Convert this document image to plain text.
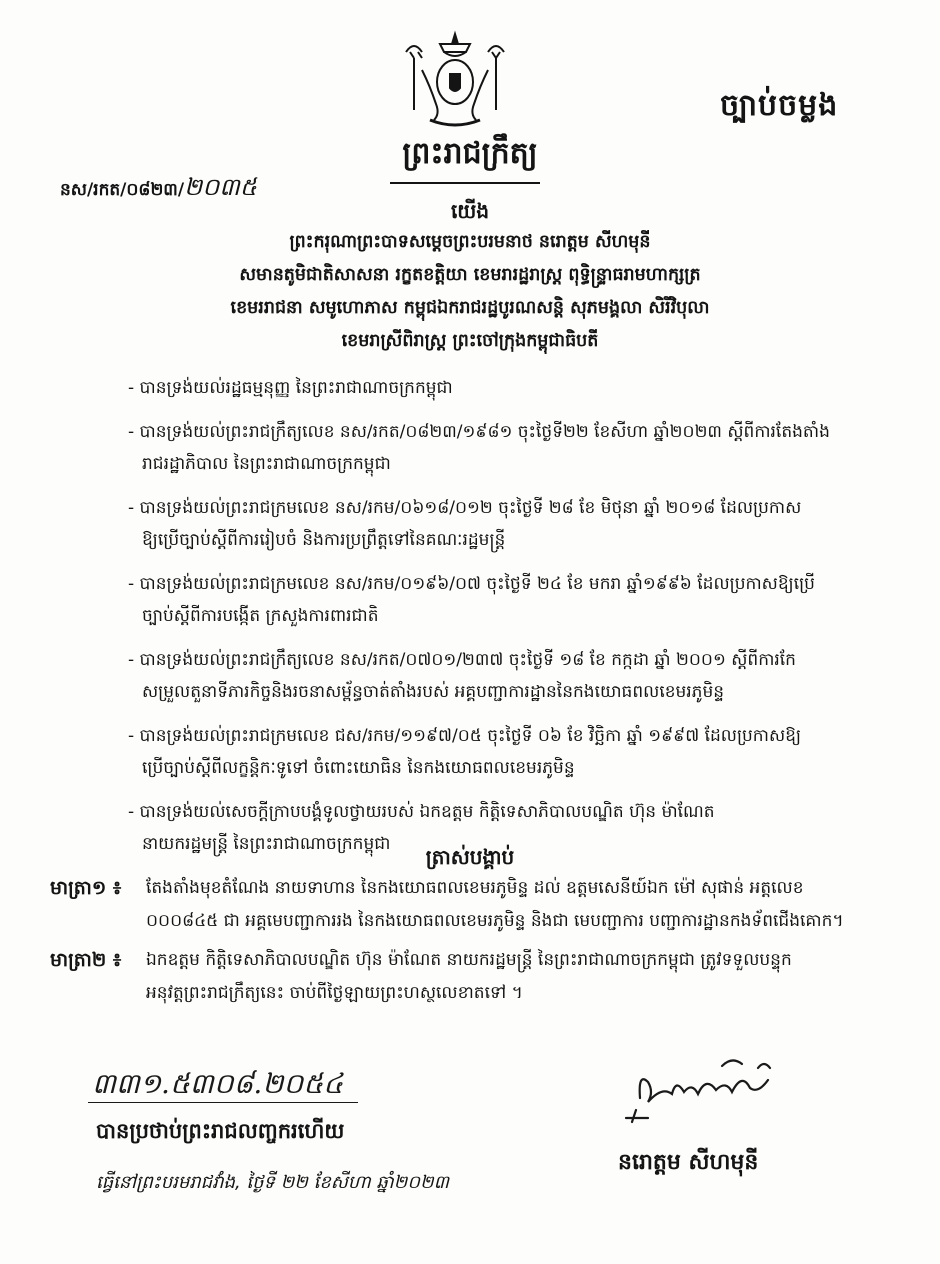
ច្បាប់ចម្លង
នស/រកត/០៨២៣/២០៣៥
ព្រះរាជក្រឹត្យ
យើង
ព្រះករុណាព្រះបាទសម្តេចព្រះបរមនាថ នរោត្តម សីហមុនី
សមានតូមិជាតិសាសនា រក្ខតខត្តិយា ខេមរារដ្ឋរាស្ត្រ ពុទ្ធិន្ទ្រាធរាមហាក្សត្រ
ខេមររាជនា សមូហោភាស កម្ពុជឯករាជរដ្ឋបូរណសន្តិ សុភមង្គលា សិរីវិបុលា
ខេមរាស្រីពិរាស្ត្រ ព្រះចៅក្រុងកម្ពុជាធិបតី
- បានទ្រង់យល់រដ្ឋធម្មនុញ្ញ នៃព្រះរាជាណាចក្រកម្ពុជា
- បានទ្រង់យល់ព្រះរាជក្រឹត្យលេខ នស/រកត/០៨២៣/១៩៨១ ចុះថ្ងៃទី២២ ខែសីហា ឆ្នាំ២០២៣ ស្តីពីការតែងតាំង
រាជរដ្ឋាភិបាល នៃព្រះរាជាណាចក្រកម្ពុជា
- បានទ្រង់យល់ព្រះរាជក្រមលេខ នស/រកម/០៦១៨/០១២ ចុះថ្ងៃទី ២៨ ខែ មិថុនា ឆ្នាំ ២០១៨ ដែលប្រកាស
ឱ្យប្រើច្បាប់ស្តីពីការរៀបចំ និងការប្រព្រឹត្តទៅនៃគណៈរដ្ឋមន្ត្រី
- បានទ្រង់យល់ព្រះរាជក្រមលេខ នស/រកម/០១៩៦/០៧ ចុះថ្ងៃទី ២៤ ខែ មករា ឆ្នាំ១៩៩៦ ដែលប្រកាសឱ្យប្រើ
ច្បាប់ស្តីពីការបង្កើត ក្រសួងការពារជាតិ
- បានទ្រង់យល់ព្រះរាជក្រឹត្យលេខ នស/រកត/០៧០១/២៣៧ ចុះថ្ងៃទី ១៨ ខែ កក្កដា ឆ្នាំ ២០០១ ស្តីពីការកែ
សម្រួលតួនាទីភារកិច្ចនិងរចនាសម្ព័ន្ធចាត់តាំងរបស់ អគ្គបញ្ជាការដ្ឋាននៃកងយោធពលខេមរភូមិន្ទ
- បានទ្រង់យល់ព្រះរាជក្រមលេខ ជស/រកម/១១៩៧/០៥ ចុះថ្ងៃទី ០៦ ខែ វិច្ឆិកា ឆ្នាំ ១៩៩៧ ដែលប្រកាសឱ្យ
ប្រើច្បាប់ស្តីពីលក្ខន្តិកៈទូទៅ ចំពោះយោធិន នៃកងយោធពលខេមរភូមិន្ទ
- បានទ្រង់យល់សេចក្តីក្រាបបង្គំទូលថ្វាយរបស់ ឯកឧត្តម កិត្តិទេសាភិបាលបណ្ឌិត ហ៊ុន ម៉ាណែត
នាយករដ្ឋមន្ត្រី នៃព្រះរាជាណាចក្រកម្ពុជា
ត្រាស់បង្គាប់
មាត្រា១ ៖	តែងតាំងមុខតំណែង នាយទាហាន នៃកងយោធពលខេមរភូមិន្ទ ដល់ ឧត្តមសេនីយ៍ឯក ម៉ៅ សុផាន់ អត្តលេខ
០០០៨៤៥ ជា អគ្គមេបញ្ជាការរង នៃកងយោធពលខេមរភូមិន្ទ និងជា មេបញ្ជាការ បញ្ជាការដ្ឋានកងទ័ពជើងគោក។
មាត្រា២ ៖	ឯកឧត្តម កិត្តិទេសាភិបាលបណ្ឌិត ហ៊ុន ម៉ាណែត នាយករដ្ឋមន្ត្រី នៃព្រះរាជាណាចក្រកម្ពុជា ត្រូវទទួលបន្ទុក
អនុវត្តព្រះរាជក្រឹត្យនេះ ចាប់ពីថ្ងៃឡាយព្រះហស្ថលេខាតទៅ ។
៣៣១.៥៣០៨.២០៥៤
បានប្រថាប់ព្រះរាជលញ្ចករហើយ
ធ្វើនៅព្រះបរមរាជវាំង, ថ្ងៃទី ២២ ខែសីហា ឆ្នាំ២០២៣
នរោត្តម សីហមុនី
